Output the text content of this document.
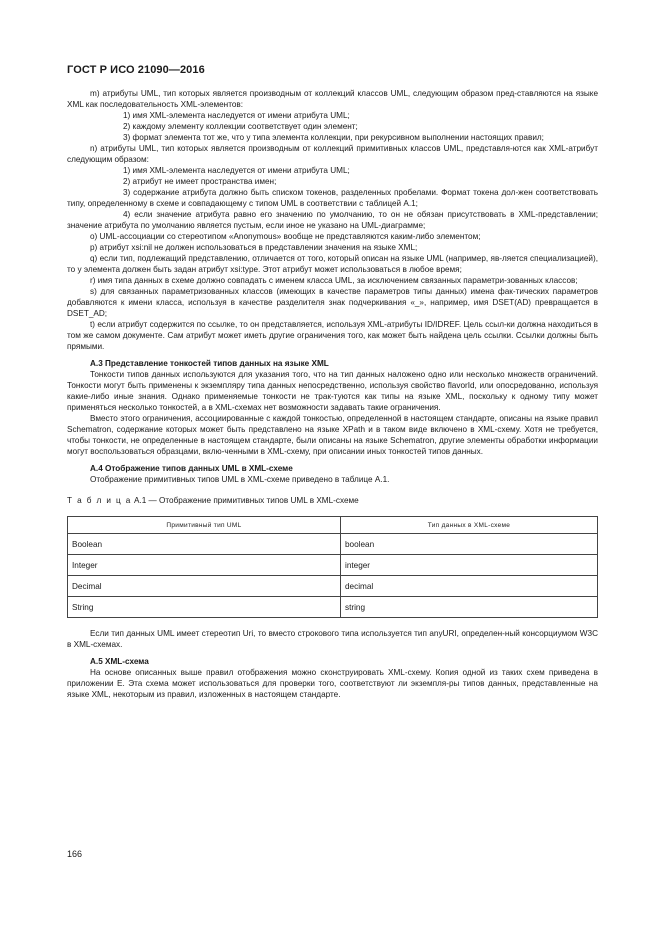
ГОСТ Р ИСО 21090—2016

m) атрибуты UML, тип которых является производным от коллекций классов UML, следующим образом пред-ставляются на языке XML как последовательность XML-элементов:

1) имя XML-элемента наследуется от имени атрибута UML;

2) каждому элементу коллекции соответствует один элемент;

3) формат элемента тот же, что у типа элемента коллекции, при рекурсивном выполнении настоящих правил;

n) атрибуты UML, тип которых является производным от коллекций примитивных классов UML, представля-ются как XML-атрибут следующим образом:

1) имя XML-элемента наследуется от имени атрибута UML;

2) атрибут не имеет пространства имен;

3) содержание атрибута должно быть списком токенов, разделенных пробелами. Формат токена дол-жен соответствовать типу, определенному в схеме и совпадающему с типом UML в соответствии с таблицей А.1;

4) если значение атрибута равно его значению по умолчанию, то он не обязан присутствовать в XML-представлении; значение атрибута по умолчанию является пустым, если иное не указано на UML-диаграмме;

o) UML-ассоциации со стереотипом «Anonymous» вообще не представляются каким-либо элементом;

p) атрибут xsi:nil не должен использоваться в представлении значения на языке XML;

q) если тип, подлежащий представлению, отличается от того, который описан на языке UML (например, яв-ляется специализацией), то у элемента должен быть задан атрибут xsi:type. Этот атрибут может использоваться в любое время;

r) имя типа данных в схеме должно совпадать с именем класса UML, за исключением связанных параметри-зованных классов;

s) для связанных параметризованных классов (имеющих в качестве параметров типы данных) имена фак-тических параметров добавляются к имени класса, используя в качестве разделителя знак подчеркивания «_», например, имя DSET(AD) превращается в DSET_AD;

t) если атрибут содержится по ссылке, то он представляется, используя XML-атрибуты ID/IDREF. Цель ссыл-ки должна находиться в том же самом документе. Сам атрибут может иметь другие ограничения того, как может быть найдена цель ссылки. Ссылки должны быть прямыми.

А.3 Представление тонкостей типов данных на языке XML

Тонкости типов данных используются для указания того, что на тип данных наложено одно или несколько множеств ограничений. Тонкости могут быть применены к экземпляру типа данных непосредственно, используя свойство flavorId, или опосредованно, используя какие-либо иные знания. Однако применяемые тонкости не трак-туются как типы на языке XML, поскольку к одному типу может применяться несколько тонкостей, а в XML-схемах нет возможности задавать такие ограничения.

Вместо этого ограничения, ассоциированные с каждой тонкостью, определенной в настоящем стандарте, описаны на языке правил Schematron, содержание которых может быть представлено на языке XPath и в таком виде включено в XML-схему. Хотя не требуется, чтобы тонкости, не определенные в настоящем стандарте, были описаны на языке Schematron, другие элементы обработки информации могут воспользоваться образцами, вклю-ченными в XML-схему, при описании иных тонкостей типов данных.

А.4 Отображение типов данных UML в XML-схеме

Отображение примитивных типов UML в XML-схеме приведено в таблице А.1.

Т а б л и ц а А.1 — Отображение примитивных типов UML в XML-схеме

Примитивный тип UML	Тип данных в XML-схеме
Boolean	boolean
Integer	integer
Decimal	decimal
String	string

Если тип данных UML имеет стереотип Uri, то вместо строкового типа используется тип anyURI, определен-ный консорциумом W3C в XML-схемах.

А.5 XML-схема

На основе описанных выше правил отображения можно сконструировать XML-схему. Копия одной из таких схем приведена в приложении Е. Эта схема может использоваться для проверки того, соответствуют ли экземпля-ры типов данных, представленные на языке XML, некоторым из правил, изложенных в настоящем стандарте.

166
